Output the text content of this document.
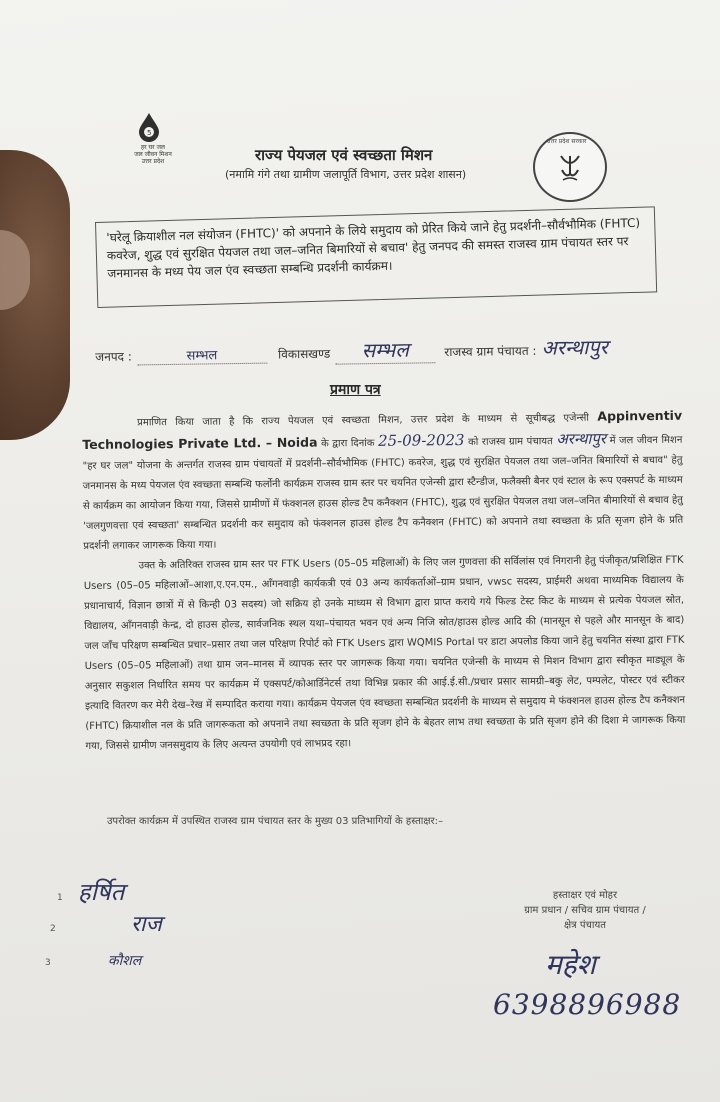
5
हर घर जल
जल जीवन मिशन
उत्तर प्रदेश	राज्य पेयजल एवं स्वच्छता मिशन
(नमामि गंगे तथा ग्रामीण जलापूर्ति विभाग, उत्तर प्रदेश शासन)
उत्तर प्रदेश सरकार
'घरेलू क्रियाशील नल संयोजन (FHTC)' को अपनाने के लिये समुदाय को प्रेरित किये जाने हेतु प्रदर्शनी–सौर्वभौमिक (FHTC) कवरेज, शुद्ध एवं सुरक्षित पेयजल तथा जल–जनित बिमारियों से बचाव' हेतु जनपद की समस्त राजस्व ग्राम पंचायत स्तर पर जनमानस के मध्य पेय जल एंव स्वच्छता सम्बन्धि प्रदर्शनी कार्यक्रम।
जनपद :	सम्भल	विकासखण्ड सम्भल	राजस्व ग्राम पंचायत : अरन्थापुर
प्रमाण पत्र

प्रमाणित किया जाता है कि राज्य पेयजल एवं स्वच्छता मिशन, उत्तर प्रदेश के माध्यम से सूचीबद्ध एजेन्सी Appinventiv Technologies Private Ltd. – Noida के द्वारा दिनांक 25-09-2023 को राजस्व ग्राम पंचायत अरन्थापुर में जल जीवन मिशन "हर घर जल" योजना के अन्तर्गत राजस्व ग्राम पंचायतों में प्रदर्शनी–सौर्वभौमिक (FHTC) कवरेज, शुद्ध एवं सुरक्षित पेयजल तथा जल–जनित बिमारियों से बचाव" हेतु जनमानस के मध्य पेयजल एंव स्वच्छता सम्बन्धि फर्लोनी कार्यक्रम राजस्व ग्राम स्तर पर चयनित एजेन्सी द्वारा स्टैन्डीज, फलैक्सी बैनर एवं स्टाल के रूप एक्सपर्ट के माध्यम से कार्यक्रम का आयोजन किया गया, जिससे ग्रामीणों में फंक्शनल हाउस होल्ड टैप कनैक्शन (FHTC), शुद्ध एवं सुरक्षित पेयजल तथा जल–जनित बीमारियों से बचाव हेतु 'जलगुणवत्ता एवं स्वच्छता' सम्बन्धित प्रदर्शनी कर समुदाय को फंक्शनल हाउस होल्ड टैप कनैक्शन (FHTC) को अपनाने तथा स्वच्छता के प्रति सृजग होने के प्रति प्रदर्शनी लगाकर जागरूक किया गया।

उक्त के अतिरिक्त राजस्व ग्राम स्तर पर FTK Users (05–05 महिलाओं) के लिए जल गुणवत्ता की सर्विलांस एवं निगरानी हेतु पंजीकृत/प्रशिक्षित FTK Users (05–05 महिलाओं–आशा,ए.एन.एम., आँगनवाड़ी कार्यकत्री एवं 03 अन्य कार्यकर्ताओं–ग्राम प्रधान, vwsc सदस्य, प्राईमरी अथवा माध्यमिक विद्यालय के प्रधानाचार्य, विज्ञान छात्रों में से किन्ही 03 सदस्य) जो सक्रिय हो उनके माध्यम से विभाग द्वारा प्राप्त कराये गये फिल्ड टेस्ट किट के माध्यम से प्रत्येक पेयजल स्रोत, विद्यालय, आँगनवाड़ी केन्द्र, दो हाउस होल्ड, सार्वजनिक स्थल यथा–पंचायत भवन एवं अन्य निजि स्रोत/हाउस होल्ड आदि की (मानसून से पहले और मानसून के बाद) जल जाँच परिक्षण सम्बन्धित प्रचार–प्रसार तथा जल परिक्षण रिपोर्ट को FTK Users द्वारा WQMIS Portal पर डाटा अपलोड किया जाने हेतु चयनित संस्था द्वारा FTK Users (05–05 महिलाओं) तथा ग्राम जन–मानस में व्यापक स्तर पर जागरूक किया गया। चयनित एजेन्सी के माध्यम से मिशन विभाग द्वारा स्वीकृत माड्यूल के अनुसार सकुशल निर्धारित समय पर कार्यक्रम में एक्सपर्ट/कोआर्डिनेटर्स तथा विभिन्न प्रकार की आई.ई.सी./प्रचार प्रसार सामग्री–बकु लेट, पम्पलेट, पोस्टर एवं स्टीकर इत्यादि वितरण कर मेरी देख–रेख में सम्पादित कराया गया। कार्यक्रम पेयजल एंव स्वच्छता सम्बन्धित प्रदर्शनी के माध्यम से समुदाय मे फंक्शनल हाउस होल्ड टैप कनैक्शन (FHTC) क्रियाशील नल के प्रति जागरूकता को अपनाने तथा स्वच्छता के प्रति सृजग होने के बेहतर लाभ तथा स्वच्छता के प्रति सृजग होने की दिशा मे जागरूक किया गया, जिससे ग्रामीण जनसमुदाय के लिए अत्यन्त उपयोगी एवं लाभप्रद रहा।

उपरोक्त कार्यक्रम में उपस्थित राजस्व ग्राम पंचायत स्तर के मुख्य 03 प्रतिभागियों के हस्ताक्षर:–
1 हर्षित
2	राज
3	कौशल
हस्ताक्षर एवं मोहर
ग्राम प्रधान / सचिव ग्राम पंचायत /
क्षेत्र पंचायत
महेश
6398896988
